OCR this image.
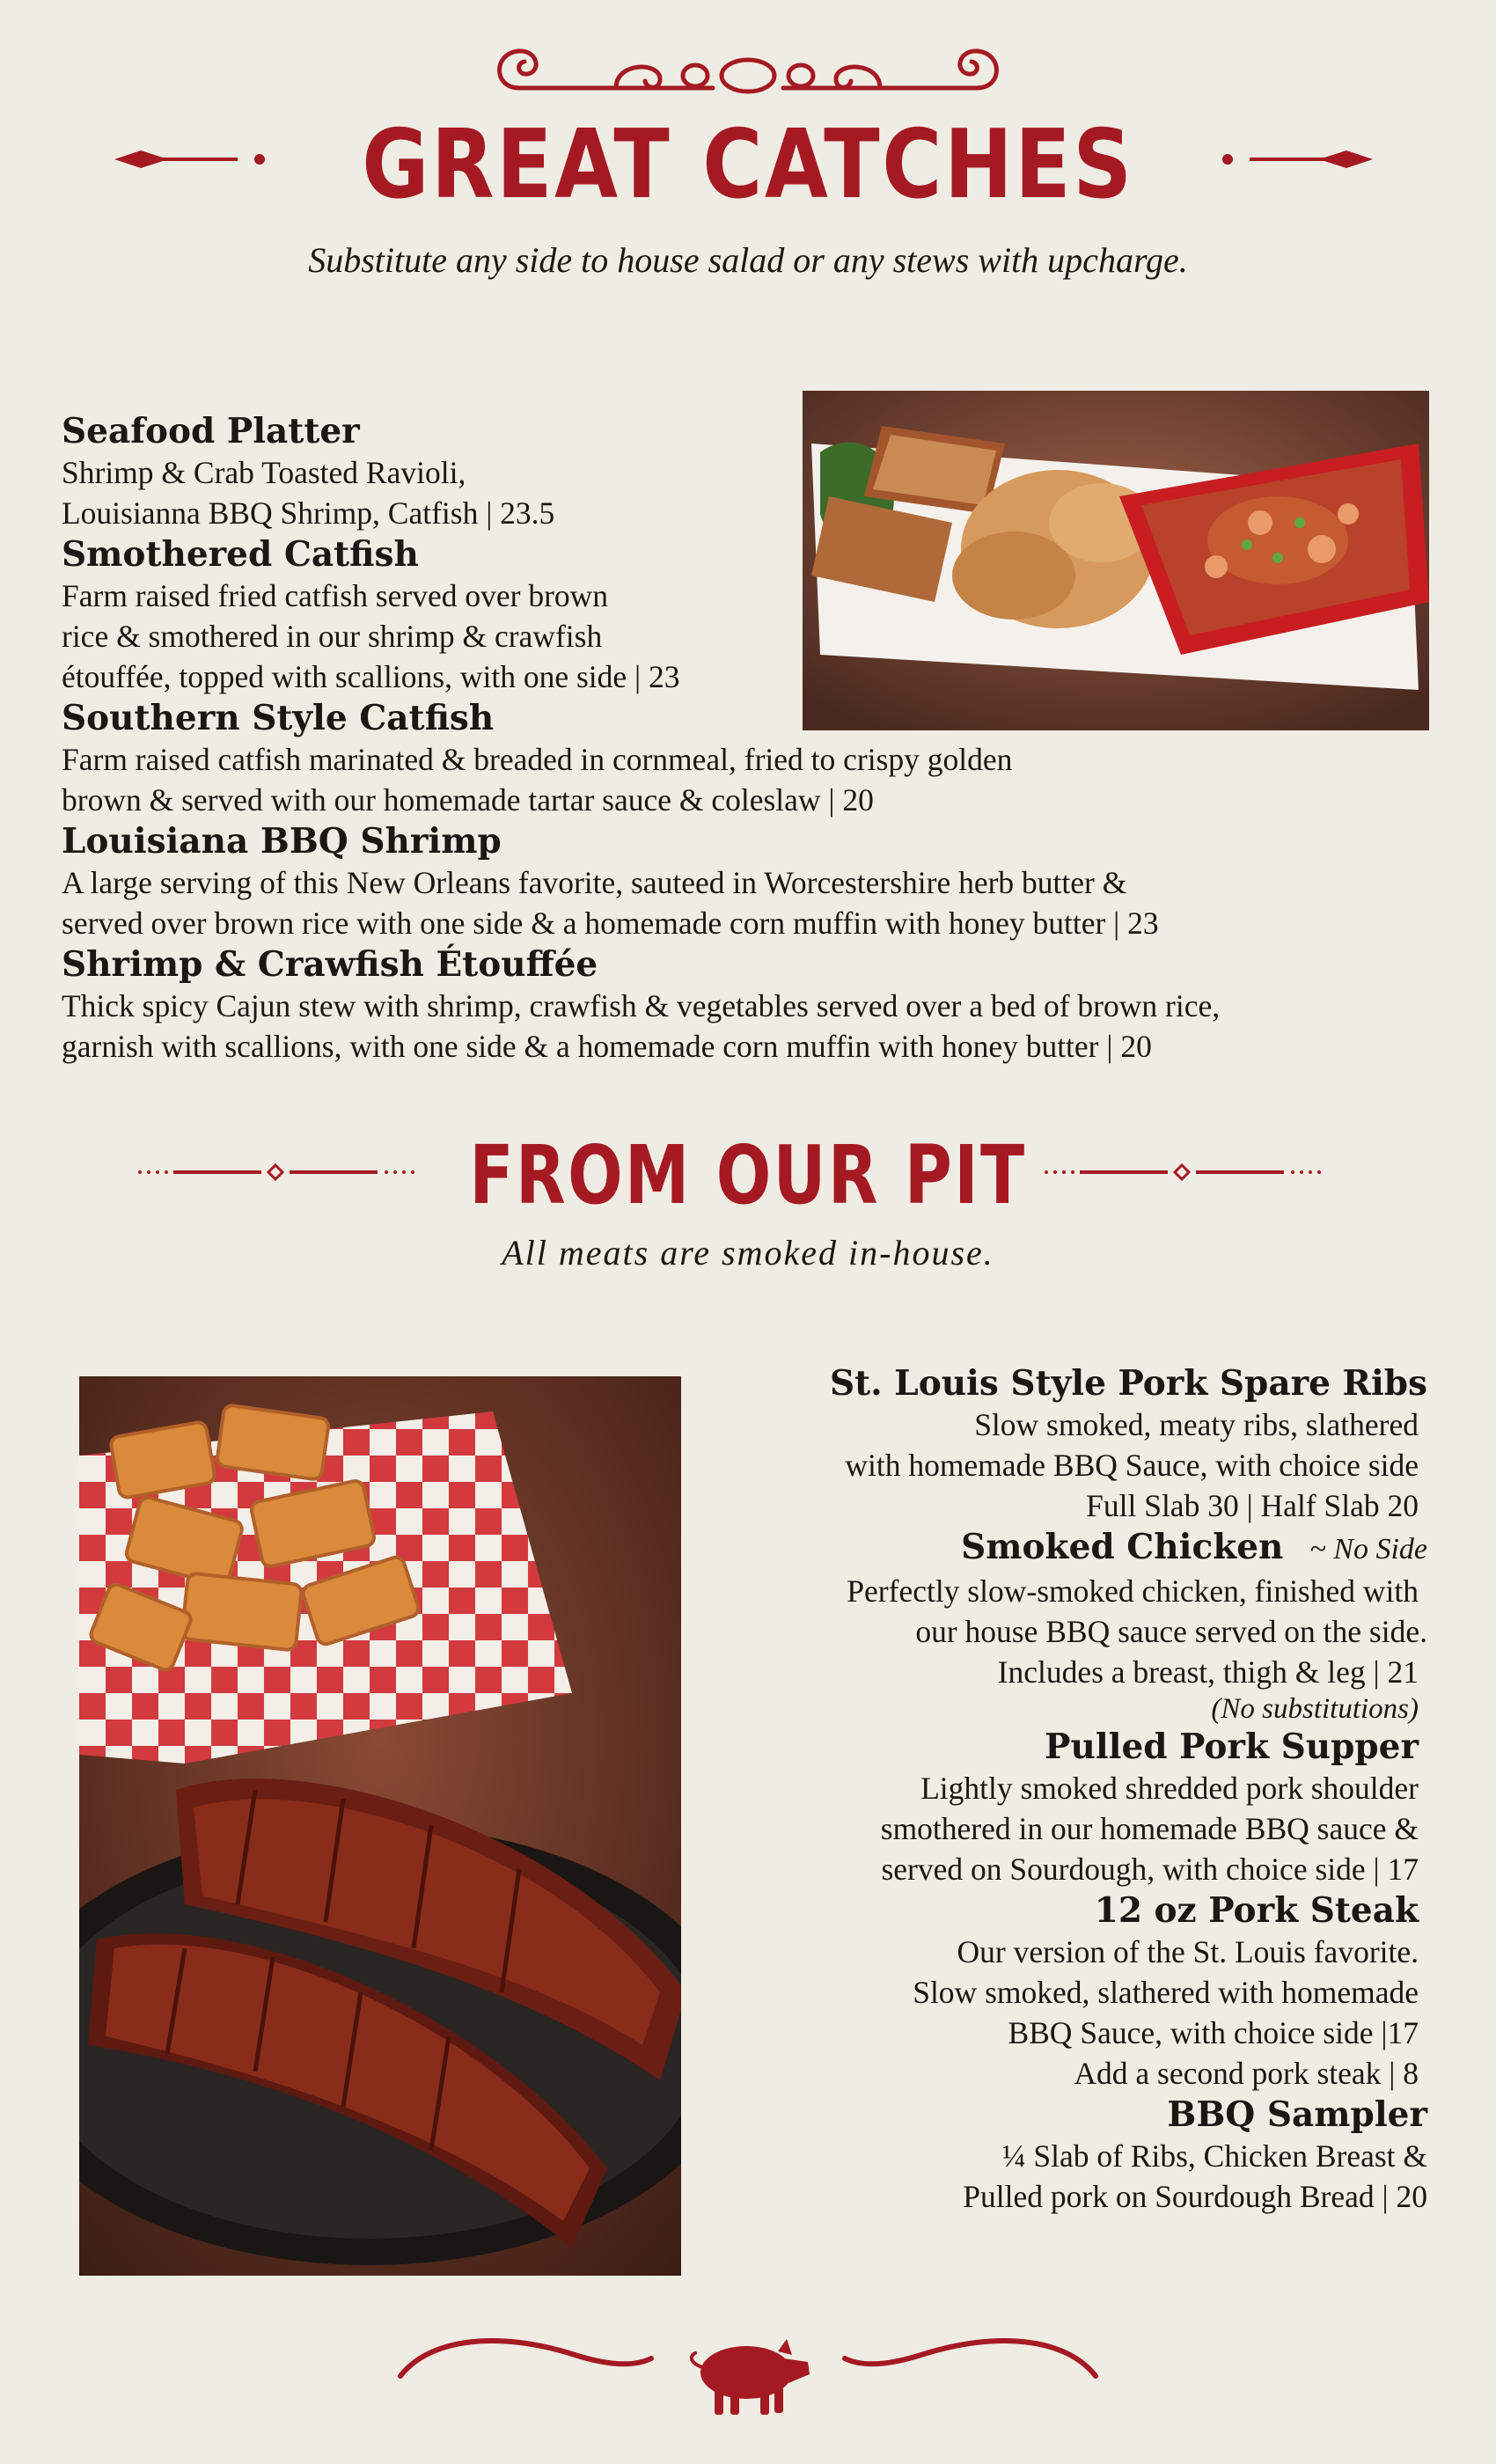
GREAT CATCHES
Substitute any side to house salad or any stews with upcharge.
Seafood Platter
Shrimp & Crab Toasted Ravioli,
Louisianna BBQ Shrimp, Catfish | 23.5
Smothered Catfish
Farm raised fried catfish served over brown
rice & smothered in our shrimp & crawfish
étouffée, topped with scallions, with one side | 23
Southern Style Catfish
Farm raised catfish marinated & breaded in cornmeal, fried to crispy golden
brown & served with our homemade tartar sauce & coleslaw | 20
Louisiana BBQ Shrimp
A large serving of this New Orleans favorite, sauteed in Worcestershire herb butter &
served over brown rice with one side & a homemade corn muffin with honey butter | 23
Shrimp & Crawfish Étouffée
Thick spicy Cajun stew with shrimp, crawfish & vegetables served over a bed of brown rice,
garnish with scallions, with one side & a homemade corn muffin with honey butter | 20
FROM OUR PIT
All meats are smoked in-house.
St. Louis Style Pork Spare Ribs
Slow smoked, meaty ribs, slathered
with homemade BBQ Sauce, with choice side
Full Slab 30 | Half Slab 20
Smoked Chicken ~ No Side
Perfectly slow-smoked chicken, finished with
our house BBQ sauce served on the side.
Includes a breast, thigh & leg | 21
(No substitutions)
Pulled Pork Supper
Lightly smoked shredded pork shoulder
smothered in our homemade BBQ sauce &
served on Sourdough, with choice side | 17
12 oz Pork Steak
Our version of the St. Louis favorite.
Slow smoked, slathered with homemade
BBQ Sauce, with choice side |17
Add a second pork steak | 8
BBQ Sampler
¼ Slab of Ribs, Chicken Breast &
Pulled pork on Sourdough Bread | 20
